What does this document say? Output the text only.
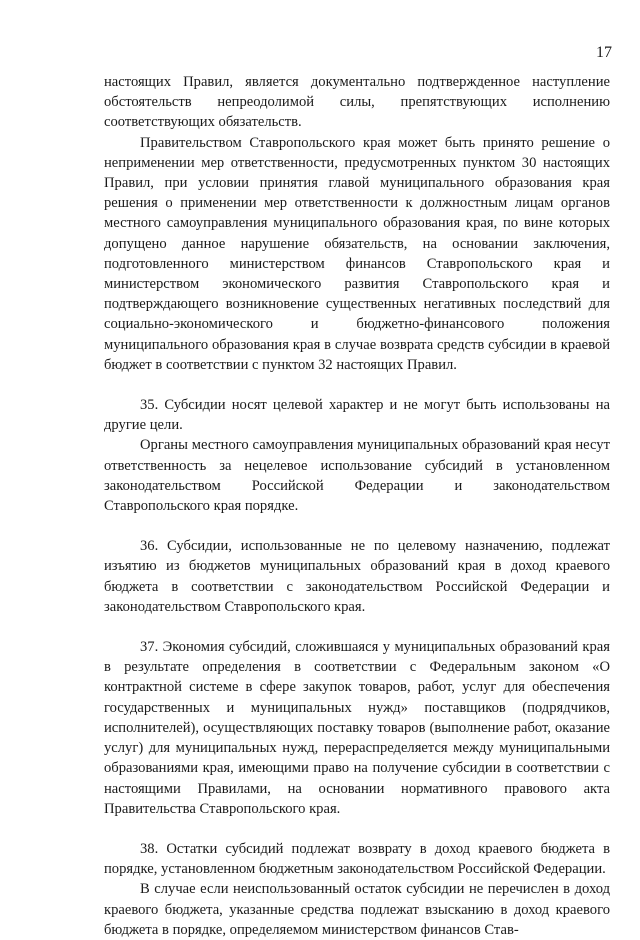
17

настоящих Правил, является документально подтвержденное наступление обстоятельств непреодолимой силы, препятствующих исполнению соответствующих обязательств.

Правительством Ставропольского края может быть принято решение о неприменении мер ответственности, предусмотренных пунктом 30 настоящих Правил, при условии принятия главой муниципального образования края решения о применении мер ответственности к должностным лицам органов местного самоуправления муниципального образования края, по вине которых допущено данное нарушение обязательств, на основании заключения, подготовленного министерством финансов Ставропольского края и министерством экономического развития Ставропольского края и подтверждающего возникновение существенных негативных последствий для социально-экономического и бюджетно-финансового положения муниципального образования края в случае возврата средств субсидии в краевой бюджет в соответствии с пунктом 32 настоящих Правил.

35. Субсидии носят целевой характер и не могут быть использованы на другие цели.

Органы местного самоуправления муниципальных образований края несут ответственность за нецелевое использование субсидий в установленном законодательством Российской Федерации и законодательством Ставропольского края порядке.

36. Субсидии, использованные не по целевому назначению, подлежат изъятию из бюджетов муниципальных образований края в доход краевого бюджета в соответствии с законодательством Российской Федерации и законодательством Ставропольского края.

37. Экономия субсидий, сложившаяся у муниципальных образований края в результате определения в соответствии с Федеральным законом «О контрактной системе в сфере закупок товаров, работ, услуг для обеспечения государственных и муниципальных нужд» поставщиков (подрядчиков, исполнителей), осуществляющих поставку товаров (выполнение работ, оказание услуг) для муниципальных нужд, перераспределяется между муниципальными образованиями края, имеющими право на получение субсидии в соответствии с настоящими Правилами, на основании нормативного правового акта Правительства Ставропольского края.

38. Остатки субсидий подлежат возврату в доход краевого бюджета в порядке, установленном бюджетным законодательством Российской Федерации.

В случае если неиспользованный остаток субсидии не перечислен в доход краевого бюджета, указанные средства подлежат взысканию в доход краевого бюджета в порядке, определяемом министерством финансов Став-
